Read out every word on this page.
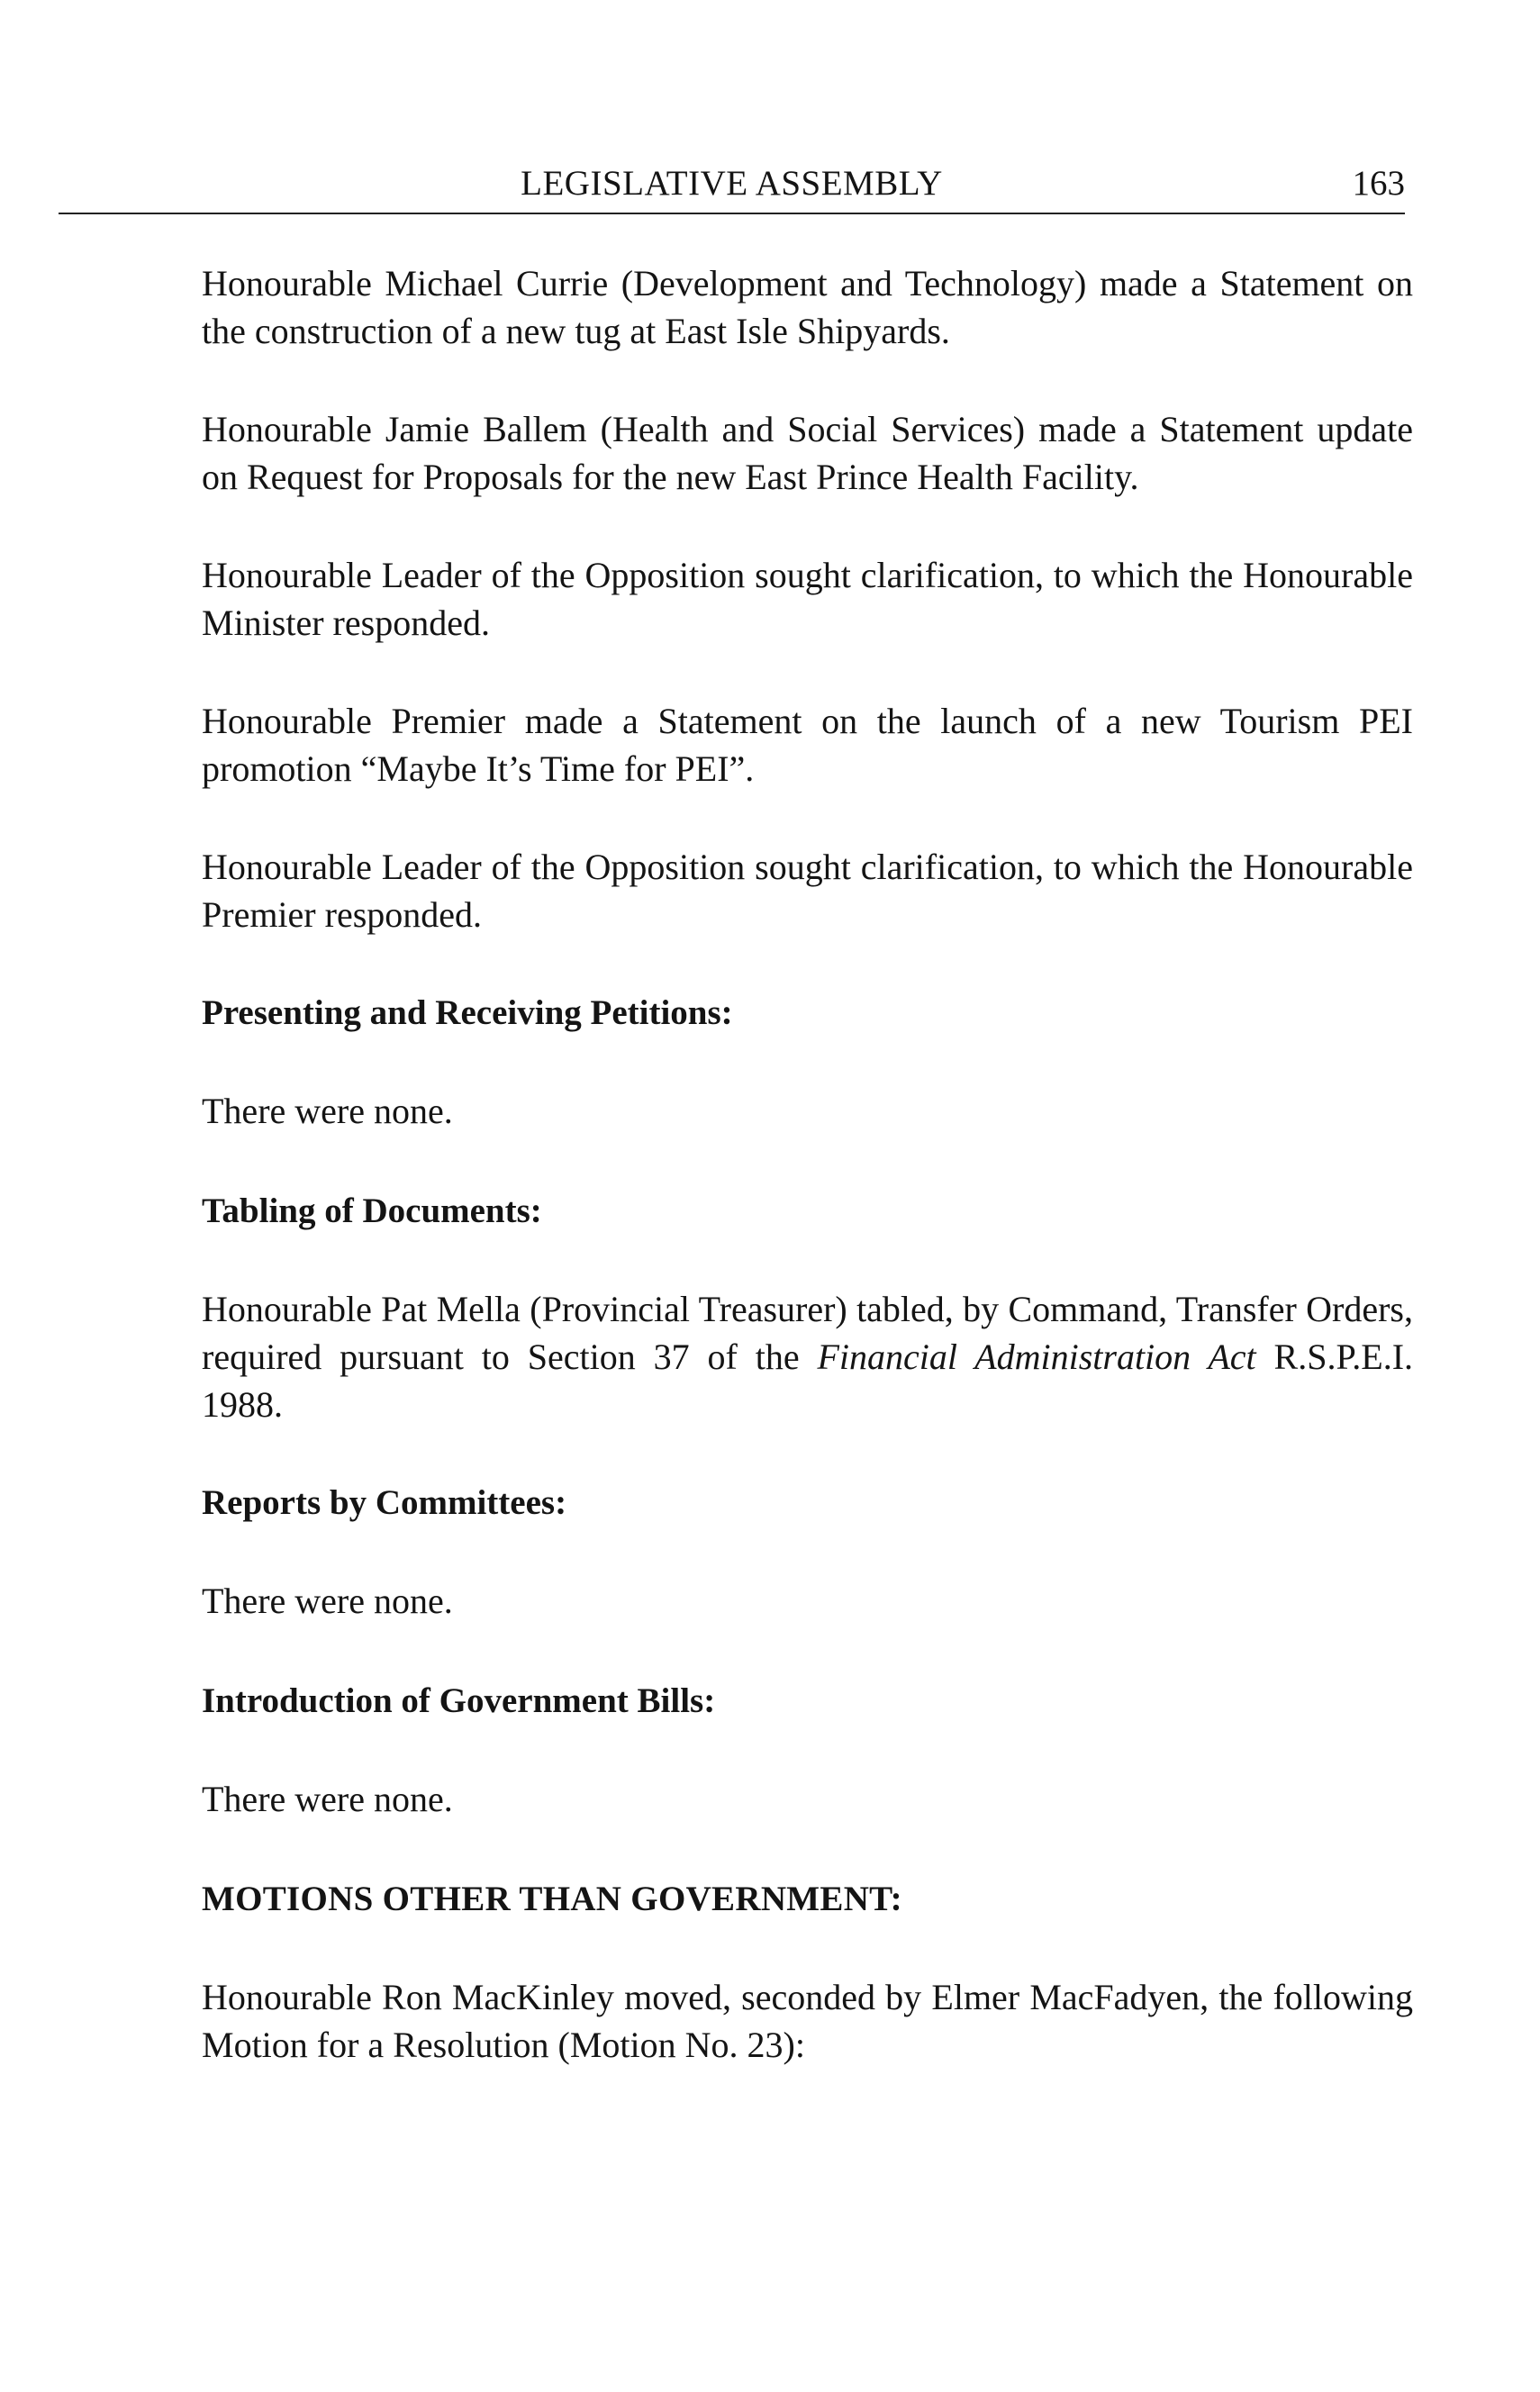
LEGISLATIVE ASSEMBLY	163

Honourable Michael Currie (Development and Technology) made a Statement on the construction of a new tug at East Isle Shipyards.

Honourable Jamie Ballem (Health and Social Services) made a Statement update on Request for Proposals for the new East Prince Health Facility.

Honourable Leader of the Opposition sought clarification, to which the Honourable Minister responded.

Honourable Premier made a Statement on the launch of a new Tourism PEI promotion “Maybe It’s Time for PEI”.

Honourable Leader of the Opposition sought clarification, to which the Honourable Premier responded.

Presenting and Receiving Petitions:

There were none.

Tabling of Documents:

Honourable Pat Mella (Provincial Treasurer) tabled, by Command, Transfer Orders, required pursuant to Section 37 of the Financial Administration Act R.S.P.E.I. 1988.

Reports by Committees:

There were none.

Introduction of Government Bills:

There were none.

MOTIONS OTHER THAN GOVERNMENT:

Honourable Ron MacKinley moved, seconded by Elmer MacFadyen, the following Motion for a Resolution (Motion No. 23):
